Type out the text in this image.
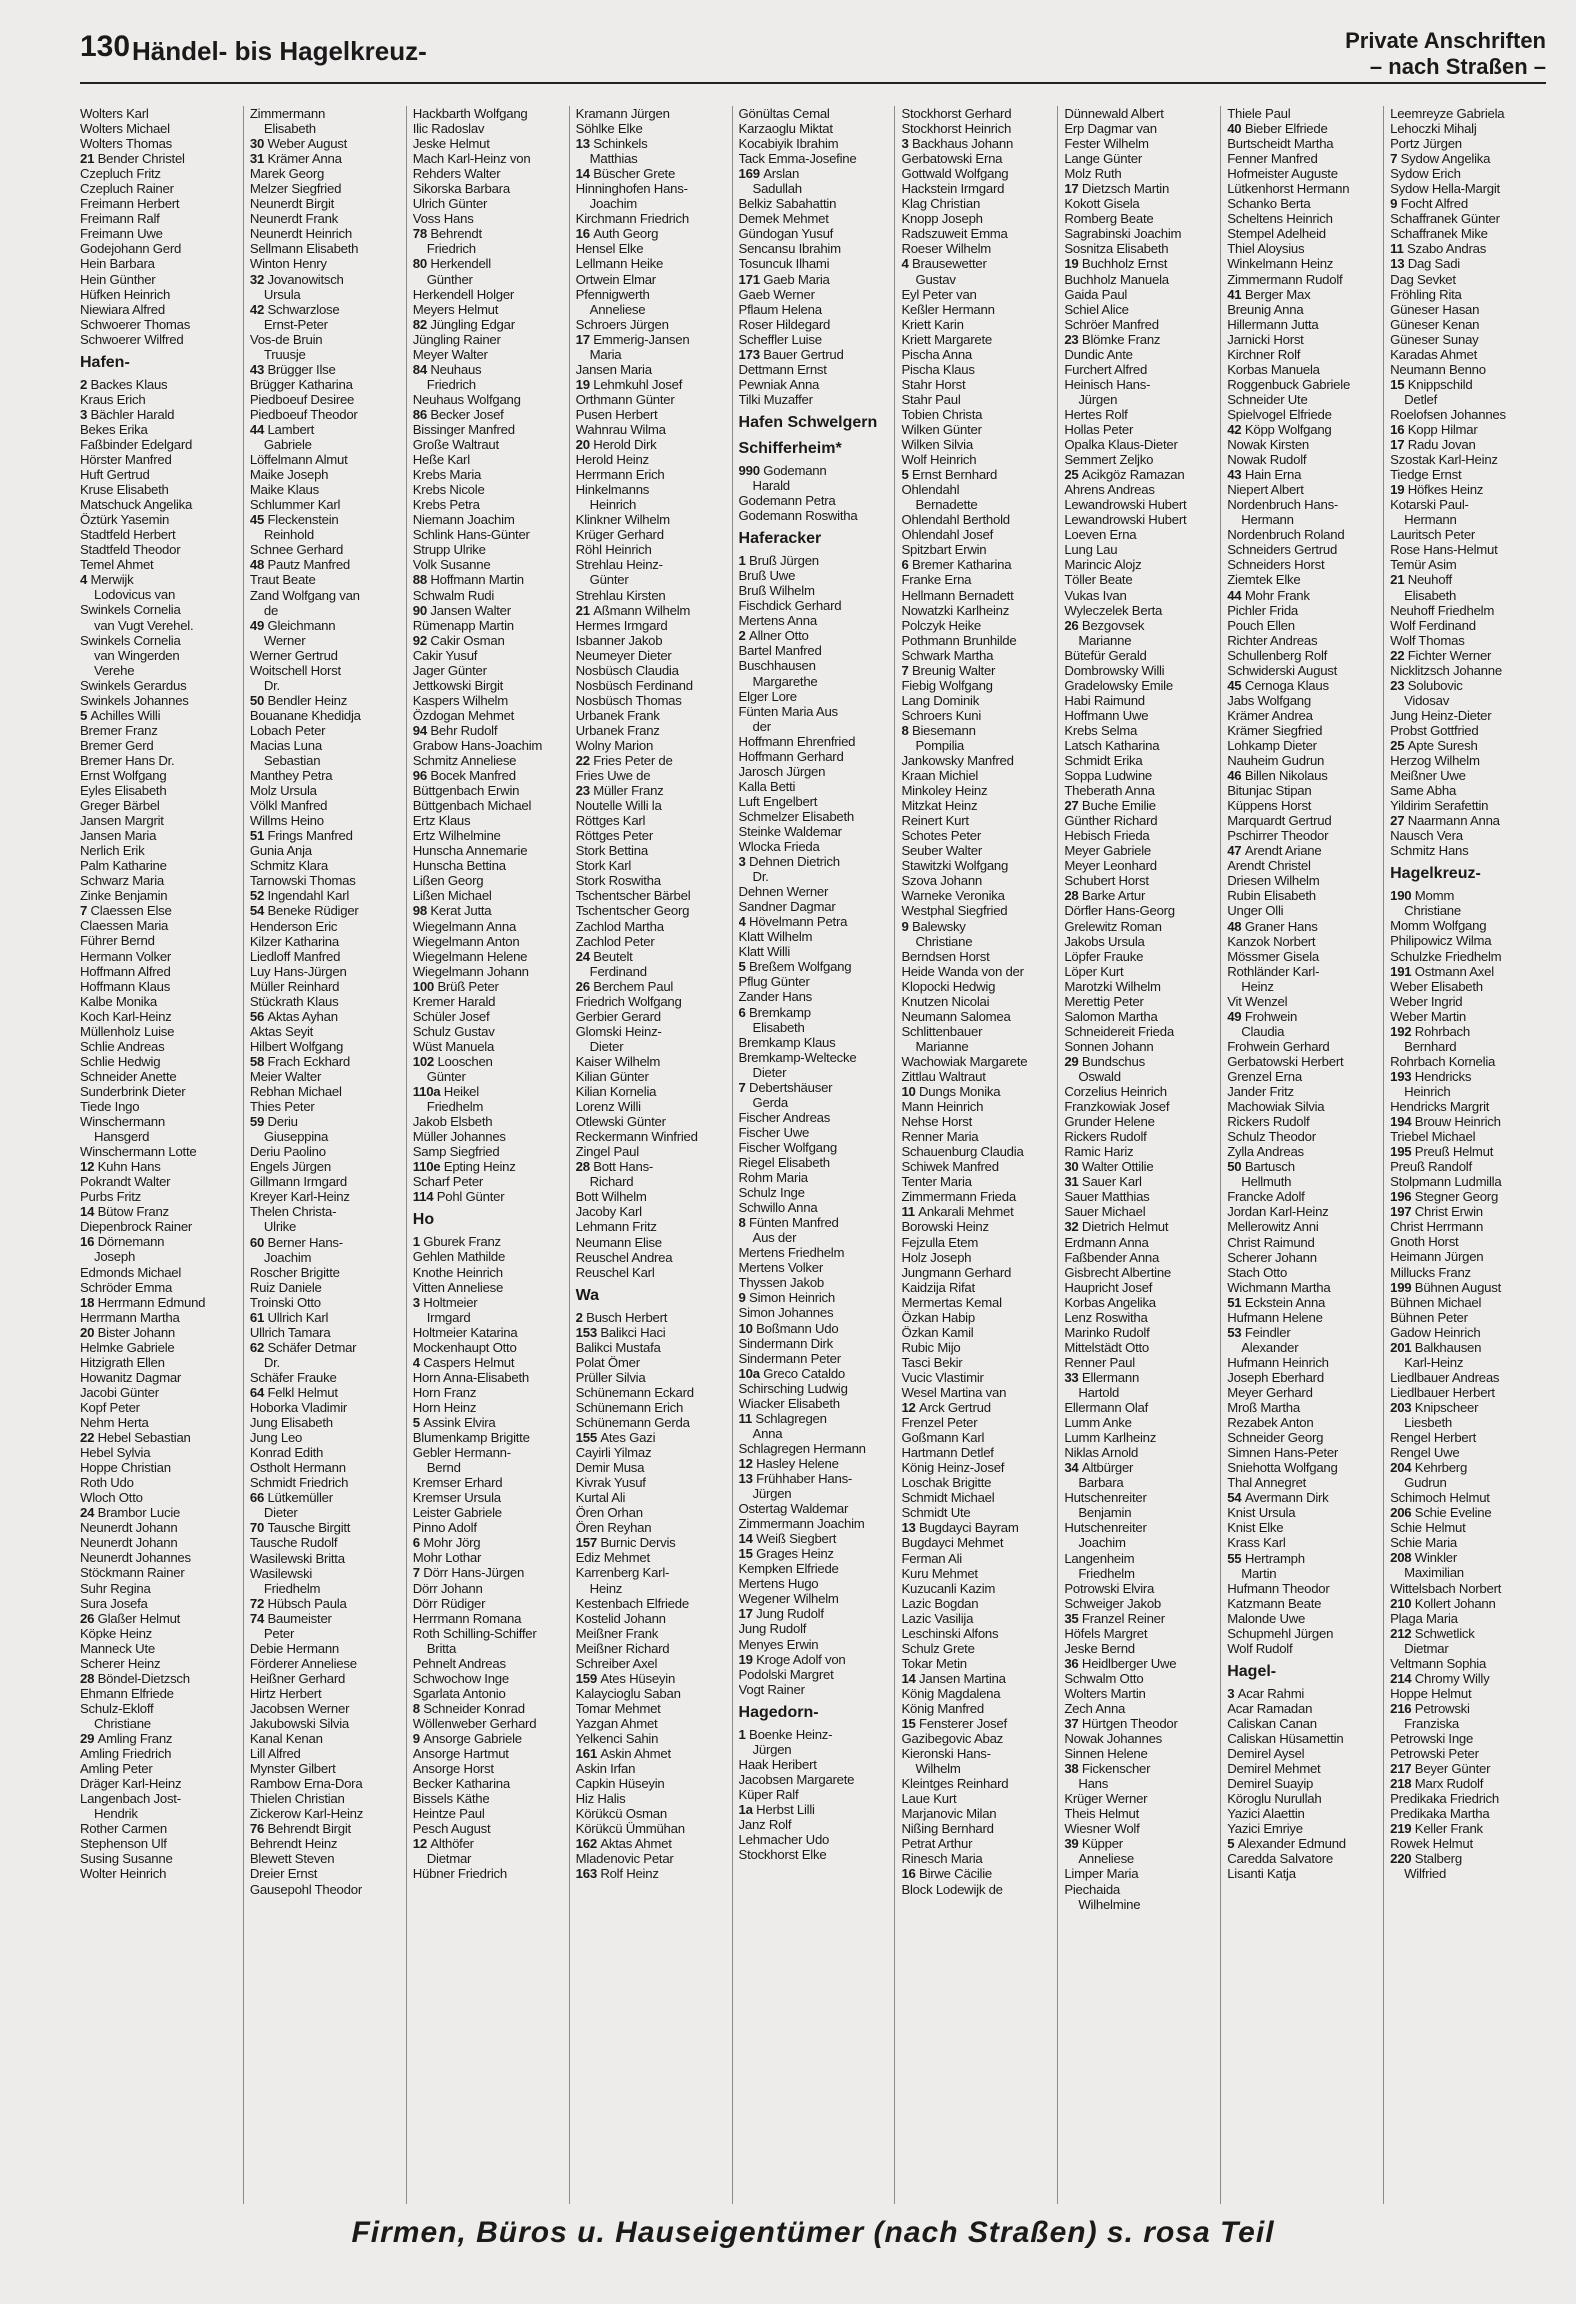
130 Händel- bis Hagelkreuz-	Private Anschriften
– nach Straßen –
Wolters Karl
Wolters Michael
Wolters Thomas
21 Bender Christel
Czepluch Fritz
Czepluch Rainer
Freimann Herbert
Freimann Ralf
Freimann Uwe
Godejohann Gerd
Hein Barbara
Hein Günther
Hüfken Heinrich
Niewiara Alfred
Schwoerer Thomas
Schwoerer Wilfred
Hafen-
2 Backes Klaus
Kraus Erich
3 Bächler Harald
Bekes Erika
Faßbinder Edelgard
Hörster Manfred
Huft Gertrud
Kruse Elisabeth
Matschuck Angelika
Öztürk Yasemin
Stadtfeld Herbert
Stadtfeld Theodor
Temel Ahmet
4 Merwijk
Lodovicus van
Swinkels Cornelia
van Vugt Verehel.
Swinkels Cornelia
van Wingerden
Verehe
Swinkels Gerardus
Swinkels Johannes
5 Achilles Willi
Bremer Franz
Bremer Gerd
Bremer Hans Dr.
Ernst Wolfgang
Eyles Elisabeth
Greger Bärbel
Jansen Margrit
Jansen Maria
Nerlich Erik
Palm Katharine
Schwarz Maria
Zinke Benjamin
7 Claessen Else
Claessen Maria
Führer Bernd
Hermann Volker
Hoffmann Alfred
Hoffmann Klaus
Kalbe Monika
Koch Karl-Heinz
Müllenholz Luise
Schlie Andreas
Schlie Hedwig
Schneider Anette
Sunderbrink Dieter
Tiede Ingo
Winschermann
Hansgerd
Winschermann Lotte
12 Kuhn Hans
Pokrandt Walter
Purbs Fritz
14 Bütow Franz
Diepenbrock Rainer
16 Dörnemann
Joseph
Edmonds Michael
Schröder Emma
18 Herrmann Edmund
Herrmann Martha
20 Bister Johann
Helmke Gabriele
Hitzigrath Ellen
Howanitz Dagmar
Jacobi Günter
Kopf Peter
Nehm Herta
22 Hebel Sebastian
Hebel Sylvia
Hoppe Christian
Roth Udo
Wloch Otto
24 Brambor Lucie
Neunerdt Johann
Neunerdt Johann
Neunerdt Johannes
Stöckmann Rainer
Suhr Regina
Sura Josefa
26 Glaßer Helmut
Köpke Heinz
Manneck Ute
Scherer Heinz
28 Böndel-Dietzsch
Ehmann Elfriede
Schulz-Ekloff
Christiane
29 Amling Franz
Amling Friedrich
Amling Peter
Dräger Karl-Heinz
Langenbach Jost-
Hendrik
Rother Carmen
Stephenson Ulf
Susing Susanne
Wolter Heinrich
Zimmermann
Elisabeth
30 Weber August
31 Krämer Anna
Marek Georg
Melzer Siegfried
Neunerdt Birgit
Neunerdt Frank
Neunerdt Heinrich
Sellmann Elisabeth
Winton Henry
32 Jovanowitsch
Ursula
42 Schwarzlose
Ernst-Peter
Vos-de Bruin
Truusje
43 Brügger Ilse
Brügger Katharina
Piedboeuf Desiree
Piedboeuf Theodor
44 Lambert
Gabriele
Löffelmann Almut
Maike Joseph
Maike Klaus
Schlummer Karl
45 Fleckenstein
Reinhold
Schnee Gerhard
48 Pautz Manfred
Traut Beate
Zand Wolfgang van
de
49 Gleichmann
Werner
Werner Gertrud
Woitschell Horst
Dr.
50 Bendler Heinz
Bouanane Khedidja
Lobach Peter
Macias Luna
Sebastian
Manthey Petra
Molz Ursula
Völkl Manfred
Willms Heino
51 Frings Manfred
Gunia Anja
Schmitz Klara
Tarnowski Thomas
52 Ingendahl Karl
54 Beneke Rüdiger
Henderson Eric
Kilzer Katharina
Liedloff Manfred
Luy Hans-Jürgen
Müller Reinhard
Stückrath Klaus
56 Aktas Ayhan
Aktas Seyit
Hilbert Wolfgang
58 Frach Eckhard
Meier Walter
Rebhan Michael
Thies Peter
59 Deriu
Giuseppina
Deriu Paolino
Engels Jürgen
Gillmann Irmgard
Kreyer Karl-Heinz
Thelen Christa-
Ulrike
60 Berner Hans-
Joachim
Roscher Brigitte
Ruiz Daniele
Troinski Otto
61 Ullrich Karl
Ullrich Tamara
62 Schäfer Detmar
Dr.
Schäfer Frauke
64 Felkl Helmut
Hoborka Vladimir
Jung Elisabeth
Jung Leo
Konrad Edith
Ostholt Hermann
Schmidt Friedrich
66 Lütkemüller
Dieter
70 Tausche Birgitt
Tausche Rudolf
Wasilewski Britta
Wasilewski
Friedhelm
72 Hübsch Paula
74 Baumeister
Peter
Debie Hermann
Förderer Anneliese
Heißner Gerhard
Hirtz Herbert
Jacobsen Werner
Jakubowski Silvia
Kanal Kenan
Lill Alfred
Mynster Gilbert
Rambow Erna-Dora
Thielen Christian
Zickerow Karl-Heinz
76 Behrendt Birgit
Behrendt Heinz
Blewett Steven
Dreier Ernst
Gausepohl Theodor
Hackbarth Wolfgang
Ilic Radoslav
Jeske Helmut
Mach Karl-Heinz von
Rehders Walter
Sikorska Barbara
Ulrich Günter
Voss Hans
78 Behrendt
Friedrich
80 Herkendell
Günther
Herkendell Holger
Meyers Helmut
82 Jüngling Edgar
Jüngling Rainer
Meyer Walter
84 Neuhaus
Friedrich
Neuhaus Wolfgang
86 Becker Josef
Bissinger Manfred
Große Waltraut
Heße Karl
Krebs Maria
Krebs Nicole
Krebs Petra
Niemann Joachim
Schlink Hans-Günter
Strupp Ulrike
Volk Susanne
88 Hoffmann Martin
Schwalm Rudi
90 Jansen Walter
Rümenapp Martin
92 Cakir Osman
Cakir Yusuf
Jager Günter
Jettkowski Birgit
Kaspers Wilhelm
Özdogan Mehmet
94 Behr Rudolf
Grabow Hans-Joachim
Schmitz Anneliese
96 Bocek Manfred
Büttgenbach Erwin
Büttgenbach Michael
Ertz Klaus
Ertz Wilhelmine
Hunscha Annemarie
Hunscha Bettina
Lißen Georg
Lißen Michael
98 Kerat Jutta
Wiegelmann Anna
Wiegelmann Anton
Wiegelmann Helene
Wiegelmann Johann
100 Brüß Peter
Kremer Harald
Schüler Josef
Schulz Gustav
Wüst Manuela
102 Looschen
Günter
110a Heikel
Friedhelm
Jakob Elsbeth
Müller Johannes
Samp Siegfried
110e Epting Heinz
Scharf Peter
114 Pohl Günter
Ho
1 Gburek Franz
Gehlen Mathilde
Knothe Heinrich
Vitten Anneliese
3 Holtmeier
Irmgard
Holtmeier Katarina
Mockenhaupt Otto
4 Caspers Helmut
Horn Anna-Elisabeth
Horn Franz
Horn Heinz
5 Assink Elvira
Blumenkamp Brigitte
Gebler Hermann-
Bernd
Kremser Erhard
Kremser Ursula
Leister Gabriele
Pinno Adolf
6 Mohr Jörg
Mohr Lothar
7 Dörr Hans-Jürgen
Dörr Johann
Dörr Rüdiger
Herrmann Romana
Roth Schilling-Schiffer
Britta
Pehnelt Andreas
Schwochow Inge
Sgarlata Antonio
8 Schneider Konrad
Wöllenweber Gerhard
9 Ansorge Gabriele
Ansorge Hartmut
Ansorge Horst
Becker Katharina
Bissels Käthe
Heintze Paul
Pesch August
12 Althöfer
Dietmar
Hübner Friedrich
Kramann Jürgen
Söhlke Elke
13 Schinkels
Matthias
14 Büscher Grete
Hinninghofen Hans-
Joachim
Kirchmann Friedrich
16 Auth Georg
Hensel Elke
Lellmann Heike
Ortwein Elmar
Pfennigwerth
Anneliese
Schroers Jürgen
17 Emmerig-Jansen
Maria
Jansen Maria
19 Lehmkuhl Josef
Orthmann Günter
Pusen Herbert
Wahnrau Wilma
20 Herold Dirk
Herold Heinz
Herrmann Erich
Hinkelmanns
Heinrich
Klinkner Wilhelm
Krüger Gerhard
Röhl Heinrich
Strehlau Heinz-
Günter
Strehlau Kirsten
21 Aßmann Wilhelm
Hermes Irmgard
Isbanner Jakob
Neumeyer Dieter
Nosbüsch Claudia
Nosbüsch Ferdinand
Nosbüsch Thomas
Urbanek Frank
Urbanek Franz
Wolny Marion
22 Fries Peter de
Fries Uwe de
23 Müller Franz
Noutelle Willi la
Röttges Karl
Röttges Peter
Stork Bettina
Stork Karl
Stork Roswitha
Tschentscher Bärbel
Tschentscher Georg
Zachlod Martha
Zachlod Peter
24 Beutelt
Ferdinand
26 Berchem Paul
Friedrich Wolfgang
Gerbier Gerard
Glomski Heinz-
Dieter
Kaiser Wilhelm
Kilian Günter
Kilian Kornelia
Lorenz Willi
Otlewski Günter
Reckermann Winfried
Zingel Paul
28 Bott Hans-
Richard
Bott Wilhelm
Jacoby Karl
Lehmann Fritz
Neumann Elise
Reuschel Andrea
Reuschel Karl
Wa
2 Busch Herbert
153 Balikci Haci
Balikci Mustafa
Polat Ömer
Prüller Silvia
Schünemann Eckard
Schünemann Erich
Schünemann Gerda
155 Ates Gazi
Cayirli Yilmaz
Demir Musa
Kivrak Yusuf
Kurtal Ali
Ören Orhan
Ören Reyhan
157 Burnic Dervis
Ediz Mehmet
Karrenberg Karl-
Heinz
Kestenbach Elfriede
Kostelid Johann
Meißner Frank
Meißner Richard
Schreiber Axel
159 Ates Hüseyin
Kalaycioglu Saban
Tomar Mehmet
Yazgan Ahmet
Yelkenci Sahin
161 Askin Ahmet
Askin Irfan
Capkin Hüseyin
Hiz Halis
Körükcü Osman
Körükcü Ümmühan
162 Aktas Ahmet
Mladenovic Petar
163 Rolf Heinz
Gönültas Cemal
Karzaoglu Miktat
Kocabiyik Ibrahim
Tack Emma-Josefine
169 Arslan
Sadullah
Belkiz Sabahattin
Demek Mehmet
Gündogan Yusuf
Sencansu Ibrahim
Tosuncuk Ilhami
171 Gaeb Maria
Gaeb Werner
Pflaum Helena
Roser Hildegard
Scheffler Luise
173 Bauer Gertrud
Dettmann Ernst
Pewniak Anna
Tilki Muzaffer
Hafen Schwelgern
Schifferheim*
990 Godemann
Harald
Godemann Petra
Godemann Roswitha
Haferacker
1 Bruß Jürgen
Bruß Uwe
Bruß Wilhelm
Fischdick Gerhard
Mertens Anna
2 Allner Otto
Bartel Manfred
Buschhausen
Margarethe
Elger Lore
Fünten Maria Aus
der
Hoffmann Ehrenfried
Hoffmann Gerhard
Jarosch Jürgen
Kalla Betti
Luft Engelbert
Schmelzer Elisabeth
Steinke Waldemar
Wlocka Frieda
3 Dehnen Dietrich
Dr.
Dehnen Werner
Sandner Dagmar
4 Hövelmann Petra
Klatt Wilhelm
Klatt Willi
5 Breßem Wolfgang
Pflug Günter
Zander Hans
6 Bremkamp
Elisabeth
Bremkamp Klaus
Bremkamp-Weltecke
Dieter
7 Debertshäuser
Gerda
Fischer Andreas
Fischer Uwe
Fischer Wolfgang
Riegel Elisabeth
Rohm Maria
Schulz Inge
Schwillo Anna
8 Fünten Manfred
Aus der
Mertens Friedhelm
Mertens Volker
Thyssen Jakob
9 Simon Heinrich
Simon Johannes
10 Boßmann Udo
Sindermann Dirk
Sindermann Peter
10a Greco Cataldo
Schirsching Ludwig
Wiacker Elisabeth
11 Schlagregen
Anna
Schlagregen Hermann
12 Hasley Helene
13 Frühhaber Hans-
Jürgen
Ostertag Waldemar
Zimmermann Joachim
14 Weiß Siegbert
15 Grages Heinz
Kempken Elfriede
Mertens Hugo
Wegener Wilhelm
17 Jung Rudolf
Jung Rudolf
Menyes Erwin
19 Kroge Adolf von
Podolski Margret
Vogt Rainer
Hagedorn-
1 Boenke Heinz-
Jürgen
Haak Heribert
Jacobsen Margarete
Küper Ralf
1a Herbst Lilli
Janz Rolf
Lehmacher Udo
Stockhorst Elke
Stockhorst Gerhard
Stockhorst Heinrich
3 Backhaus Johann
Gerbatowski Erna
Gottwald Wolfgang
Hackstein Irmgard
Klag Christian
Knopp Joseph
Radszuweit Emma
Roeser Wilhelm
4 Brausewetter
Gustav
Eyl Peter van
Keßler Hermann
Kriett Karin
Kriett Margarete
Pischa Anna
Pischa Klaus
Stahr Horst
Stahr Paul
Tobien Christa
Wilken Günter
Wilken Silvia
Wolf Heinrich
5 Ernst Bernhard
Ohlendahl
Bernadette
Ohlendahl Berthold
Ohlendahl Josef
Spitzbart Erwin
6 Bremer Katharina
Franke Erna
Hellmann Bernadett
Nowatzki Karlheinz
Polczyk Heike
Pothmann Brunhilde
Schwark Martha
7 Breunig Walter
Fiebig Wolfgang
Lang Dominik
Schroers Kuni
8 Biesemann
Pompilia
Jankowsky Manfred
Kraan Michiel
Minkoley Heinz
Mitzkat Heinz
Reinert Kurt
Schotes Peter
Seuber Walter
Stawitzki Wolfgang
Szova Johann
Warneke Veronika
Westphal Siegfried
9 Balewsky
Christiane
Berndsen Horst
Heide Wanda von der
Klopocki Hedwig
Knutzen Nicolai
Neumann Salomea
Schlittenbauer
Marianne
Wachowiak Margarete
Zittlau Waltraut
10 Dungs Monika
Mann Heinrich
Nehse Horst
Renner Maria
Schauenburg Claudia
Schiwek Manfred
Tenter Maria
Zimmermann Frieda
11 Ankarali Mehmet
Borowski Heinz
Fejzulla Etem
Holz Joseph
Jungmann Gerhard
Kaidzija Rifat
Mermertas Kemal
Özkan Habip
Özkan Kamil
Rubic Mijo
Tasci Bekir
Vucic Vlastimir
Wesel Martina van
12 Arck Gertrud
Frenzel Peter
Goßmann Karl
Hartmann Detlef
König Heinz-Josef
Loschak Brigitte
Schmidt Michael
Schmidt Ute
13 Bugdayci Bayram
Bugdayci Mehmet
Ferman Ali
Kuru Mehmet
Kuzucanli Kazim
Lazic Bogdan
Lazic Vasilija
Leschinski Alfons
Schulz Grete
Tokar Metin
14 Jansen Martina
König Magdalena
König Manfred
15 Fensterer Josef
Gazibegovic Abaz
Kieronski Hans-
Wilhelm
Kleintges Reinhard
Laue Kurt
Marjanovic Milan
Nißing Bernhard
Petrat Arthur
Rinesch Maria
16 Birwe Cäcilie
Block Lodewijk de
Dünnewald Albert
Erp Dagmar van
Fester Wilhelm
Lange Günter
Molz Ruth
17 Dietzsch Martin
Kokott Gisela
Romberg Beate
Sagrabinski Joachim
Sosnitza Elisabeth
19 Buchholz Ernst
Buchholz Manuela
Gaida Paul
Schiel Alice
Schröer Manfred
23 Blömke Franz
Dundic Ante
Furchert Alfred
Heinisch Hans-
Jürgen
Hertes Rolf
Hollas Peter
Opalka Klaus-Dieter
Semmert Zeljko
25 Acikgöz Ramazan
Ahrens Andreas
Lewandrowski Hubert
Lewandrowski Hubert
Loeven Erna
Lung Lau
Marincic Alojz
Töller Beate
Vukas Ivan
Wyleczelek Berta
26 Bezgovsek
Marianne
Bütefür Gerald
Dombrowsky Willi
Gradelowsky Emile
Habi Raimund
Hoffmann Uwe
Krebs Selma
Latsch Katharina
Schmidt Erika
Soppa Ludwine
Theberath Anna
27 Buche Emilie
Günther Richard
Hebisch Frieda
Meyer Gabriele
Meyer Leonhard
Schubert Horst
28 Barke Artur
Dörfler Hans-Georg
Grelewitz Roman
Jakobs Ursula
Löpfer Frauke
Löper Kurt
Marotzki Wilhelm
Merettig Peter
Salomon Martha
Schneidereit Frieda
Sonnen Johann
29 Bundschus
Oswald
Corzelius Heinrich
Franzkowiak Josef
Grunder Helene
Rickers Rudolf
Ramic Hariz
30 Walter Ottilie
31 Sauer Karl
Sauer Matthias
Sauer Michael
32 Dietrich Helmut
Erdmann Anna
Faßbender Anna
Gisbrecht Albertine
Haupricht Josef
Korbas Angelika
Lenz Roswitha
Marinko Rudolf
Mittelstädt Otto
Renner Paul
33 Ellermann
Hartold
Ellermann Olaf
Lumm Anke
Lumm Karlheinz
Niklas Arnold
34 Altbürger
Barbara
Hutschenreiter
Benjamin
Hutschenreiter
Joachim
Langenheim
Friedhelm
Potrowski Elvira
Schweiger Jakob
35 Franzel Reiner
Höfels Margret
Jeske Bernd
36 Heidlberger Uwe
Schwalm Otto
Wolters Martin
Zech Anna
37 Hürtgen Theodor
Nowak Johannes
Sinnen Helene
38 Fickenscher
Hans
Krüger Werner
Theis Helmut
Wiesner Wolf
39 Küpper
Anneliese
Limper Maria
Piechaida
Wilhelmine
Thiele Paul
40 Bieber Elfriede
Burtscheidt Martha
Fenner Manfred
Hofmeister Auguste
Lütkenhorst Hermann
Schanko Berta
Scheltens Heinrich
Stempel Adelheid
Thiel Aloysius
Winkelmann Heinz
Zimmermann Rudolf
41 Berger Max
Breunig Anna
Hillermann Jutta
Jarnicki Horst
Kirchner Rolf
Korbas Manuela
Roggenbuck Gabriele
Schneider Ute
Spielvogel Elfriede
42 Köpp Wolfgang
Nowak Kirsten
Nowak Rudolf
43 Hain Erna
Niepert Albert
Nordenbruch Hans-
Hermann
Nordenbruch Roland
Schneiders Gertrud
Schneiders Horst
Ziemtek Elke
44 Mohr Frank
Pichler Frida
Pouch Ellen
Richter Andreas
Schullenberg Rolf
Schwiderski August
45 Cernoga Klaus
Jabs Wolfgang
Krämer Andrea
Krämer Siegfried
Lohkamp Dieter
Nauheim Gudrun
46 Billen Nikolaus
Bitunjac Stipan
Küppens Horst
Marquardt Gertrud
Pschirrer Theodor
47 Arendt Ariane
Arendt Christel
Driesen Wilhelm
Rubin Elisabeth
Unger Olli
48 Graner Hans
Kanzok Norbert
Mössmer Gisela
Rothländer Karl-
Heinz
Vit Wenzel
49 Frohwein
Claudia
Frohwein Gerhard
Gerbatowski Herbert
Grenzel Erna
Jander Fritz
Machowiak Silvia
Rickers Rudolf
Schulz Theodor
Zylla Andreas
50 Bartusch
Hellmuth
Francke Adolf
Jordan Karl-Heinz
Mellerowitz Anni
Christ Raimund
Scherer Johann
Stach Otto
Wichmann Martha
51 Eckstein Anna
Hufmann Helene
53 Feindler
Alexander
Hufmann Heinrich
Joseph Eberhard
Meyer Gerhard
Mroß Martha
Rezabek Anton
Schneider Georg
Simnen Hans-Peter
Sniehotta Wolfgang
Thal Annegret
54 Avermann Dirk
Knist Ursula
Knist Elke
Krass Karl
55 Hertramph
Martin
Hufmann Theodor
Katzmann Beate
Malonde Uwe
Schupmehl Jürgen
Wolf Rudolf
Hagel-
3 Acar Rahmi
Acar Ramadan
Caliskan Canan
Caliskan Hüsamettin
Demirel Aysel
Demirel Mehmet
Demirel Suayip
Köroglu Nurullah
Yazici Alaettin
Yazici Emriye
5 Alexander Edmund
Caredda Salvatore
Lisanti Katja
Leemreyze Gabriela
Lehoczki Mihalj
Portz Jürgen
7 Sydow Angelika
Sydow Erich
Sydow Hella-Margit
9 Focht Alfred
Schaffranek Günter
Schaffranek Mike
11 Szabo Andras
13 Dag Sadi
Dag Sevket
Fröhling Rita
Güneser Hasan
Güneser Kenan
Güneser Sunay
Karadas Ahmet
Neumann Benno
15 Knippschild
Detlef
Roelofsen Johannes
16 Kopp Hilmar
17 Radu Jovan
Szostak Karl-Heinz
Tiedge Ernst
19 Höfkes Heinz
Kotarski Paul-
Hermann
Lauritsch Peter
Rose Hans-Helmut
Temür Asim
21 Neuhoff
Elisabeth
Neuhoff Friedhelm
Wolf Ferdinand
Wolf Thomas
22 Fichter Werner
Nicklitzsch Johanne
23 Solubovic
Vidosav
Jung Heinz-Dieter
Probst Gottfried
25 Apte Suresh
Herzog Wilhelm
Meißner Uwe
Same Abha
Yildirim Serafettin
27 Naarmann Anna
Nausch Vera
Schmitz Hans
Hagelkreuz-
190 Momm
Christiane
Momm Wolfgang
Philipowicz Wilma
Schulzke Friedhelm
191 Ostmann Axel
Weber Elisabeth
Weber Ingrid
Weber Martin
192 Rohrbach
Bernhard
Rohrbach Kornelia
193 Hendricks
Heinrich
Hendricks Margrit
194 Brouw Heinrich
Triebel Michael
195 Preuß Helmut
Preuß Randolf
Stolpmann Ludmilla
196 Stegner Georg
197 Christ Erwin
Christ Herrmann
Gnoth Horst
Heimann Jürgen
Millucks Franz
199 Bühnen August
Bühnen Michael
Bühnen Peter
Gadow Heinrich
201 Balkhausen
Karl-Heinz
Liedlbauer Andreas
Liedlbauer Herbert
203 Knipscheer
Liesbeth
Rengel Herbert
Rengel Uwe
204 Kehrberg
Gudrun
Schimoch Helmut
206 Schie Eveline
Schie Helmut
Schie Maria
208 Winkler
Maximilian
Wittelsbach Norbert
210 Kollert Johann
Plaga Maria
212 Schwetlick
Dietmar
Veltmann Sophia
214 Chromy Willy
Hoppe Helmut
216 Petrowski
Franziska
Petrowski Inge
Petrowski Peter
217 Beyer Günter
218 Marx Rudolf
Predikaka Friedrich
Predikaka Martha
219 Keller Frank
Rowek Helmut
220 Stalberg
Wilfried
Firmen, Büros u. Hauseigentümer (nach Straßen) s. rosa Teil
